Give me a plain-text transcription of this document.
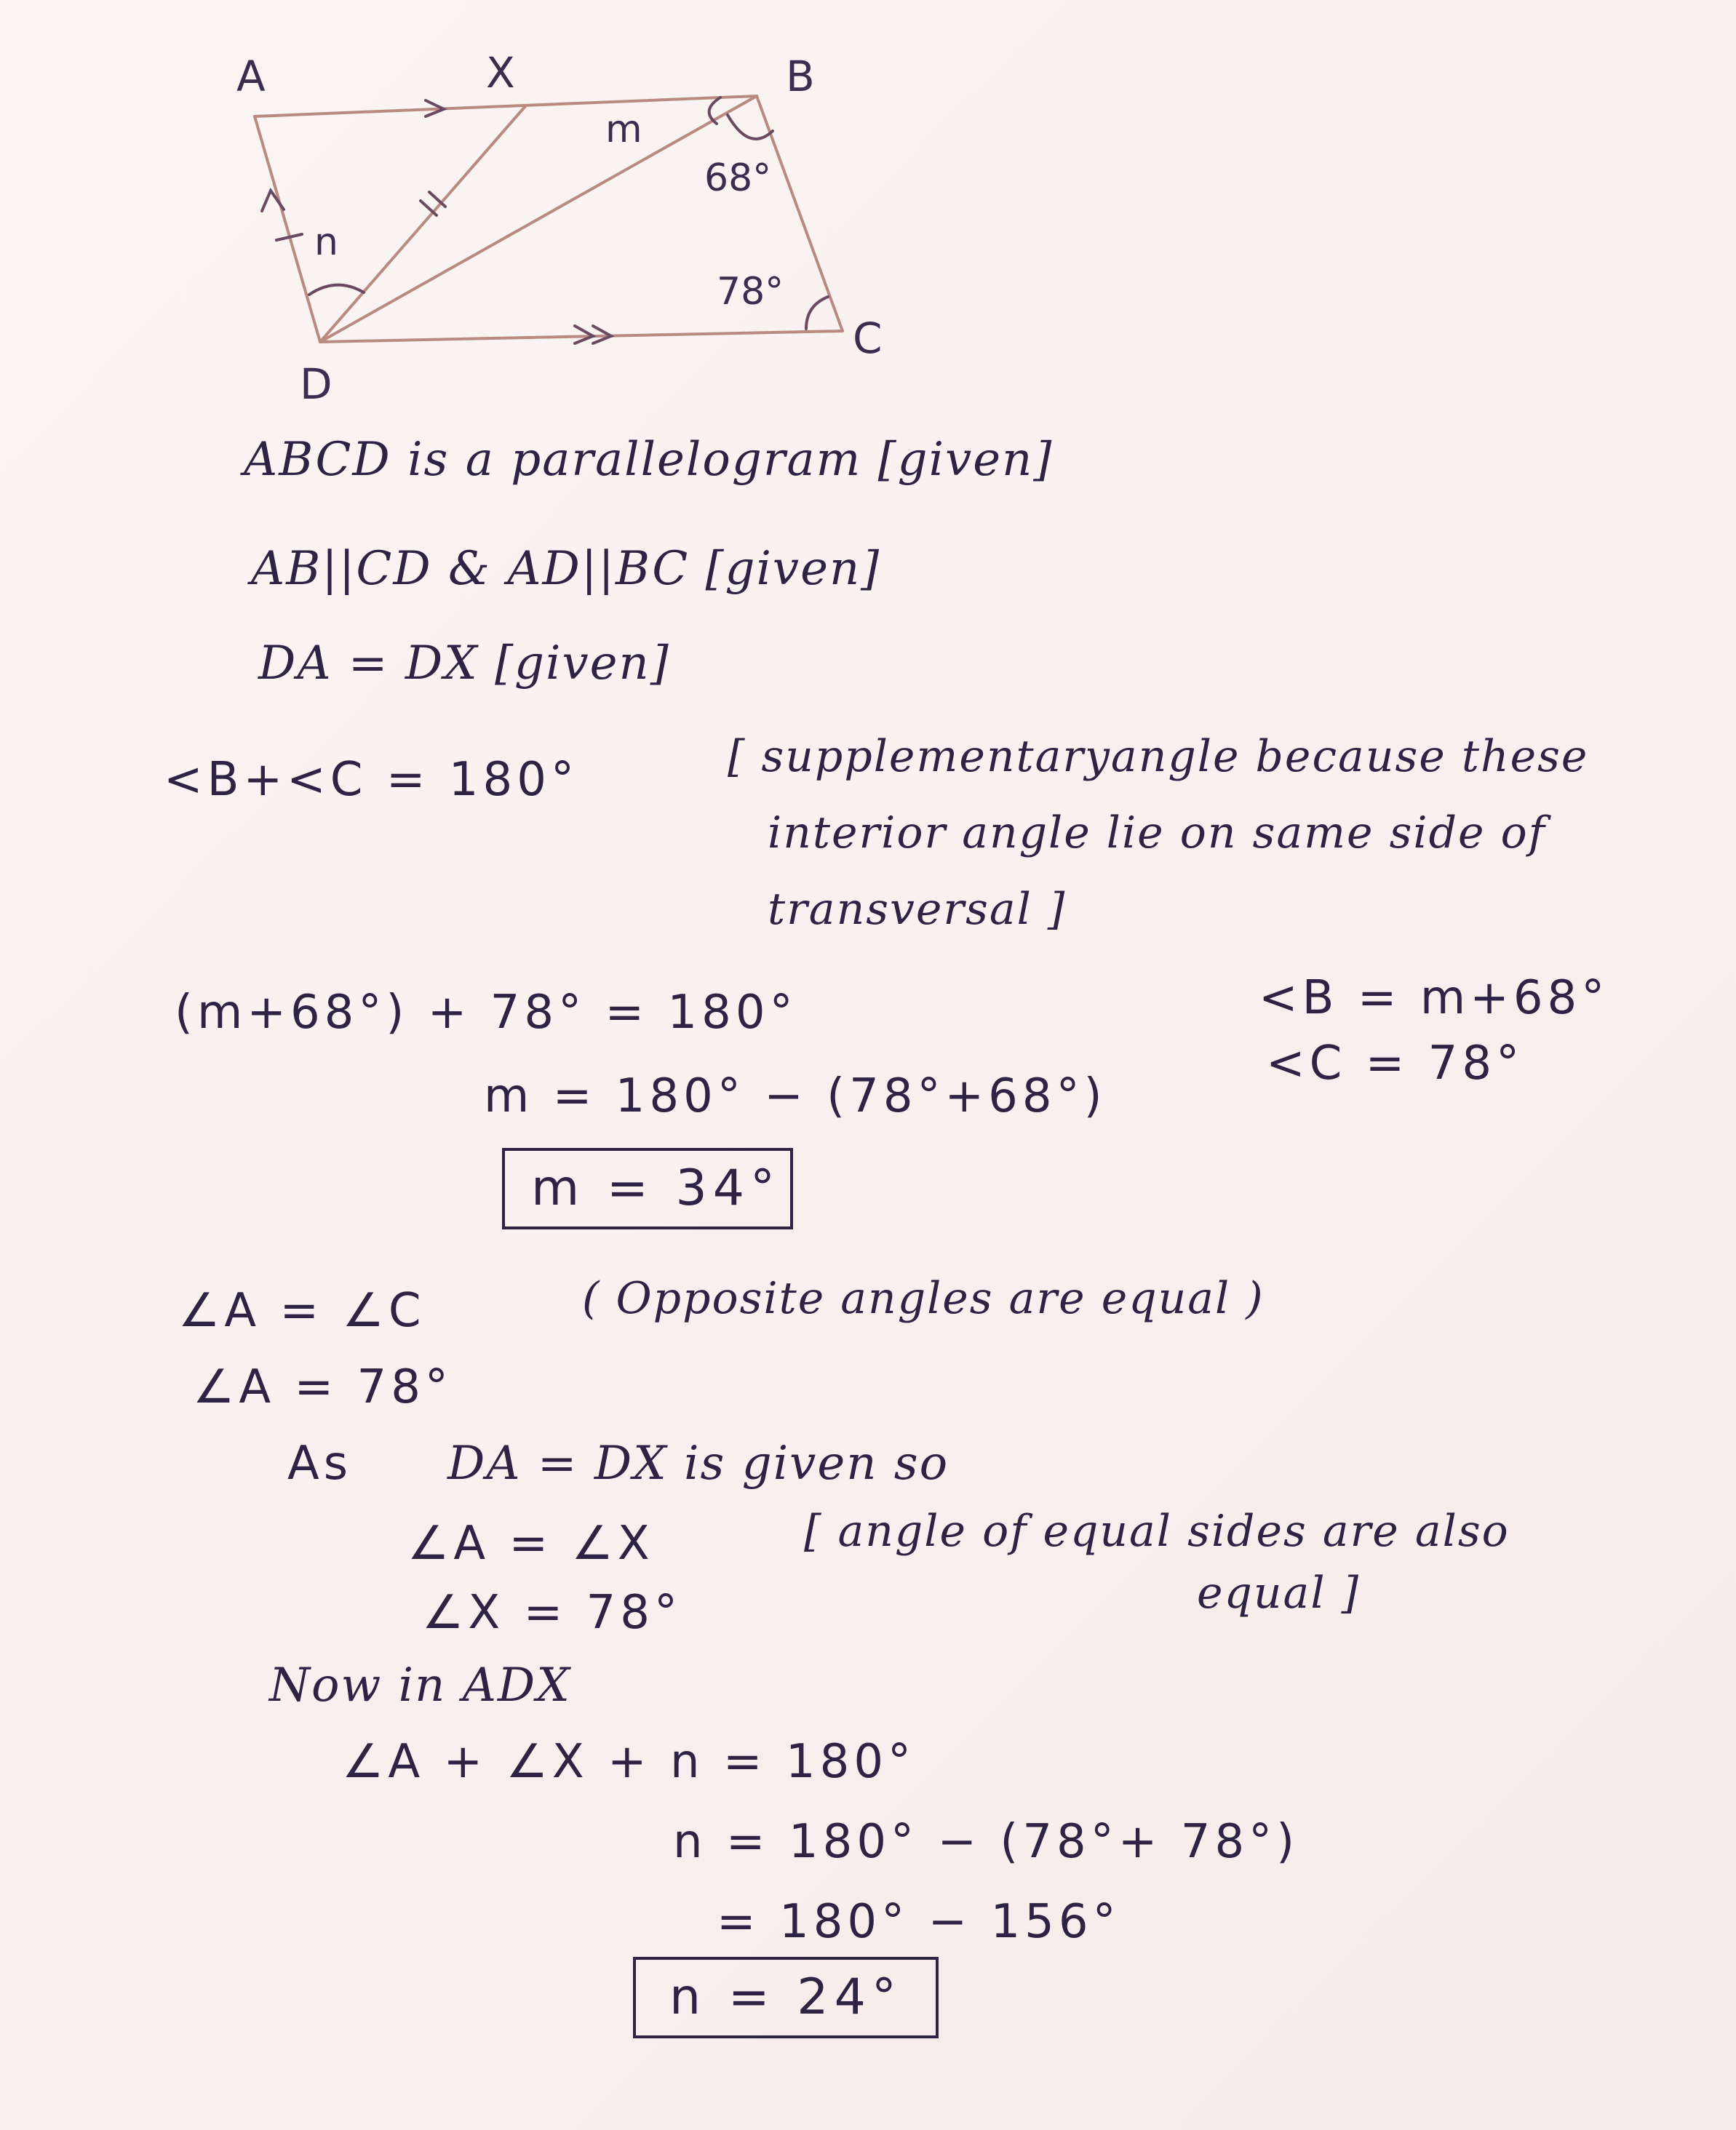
A	X	B
C
D
m
n
68°
78°
ABCD is a parallelogram [given]
AB||CD & AD||BC [given]
DA = DX [given]
<B+<C = 180°	[ supplementaryangle because these
interior angle lie on same side of
transversal ]
<B = m+68°
<C = 78°
(m+68°) + 78° = 180°
m = 180° − (78°+68°)
m = 34°
∠A = ∠C	( Opposite angles are equal )
∠A = 78°
As DA = DX is given so
∠A = ∠X	[ angle of equal sides are also
equal ]
∠X = 78°
Now in ADX
∠A + ∠X + n = 180°
n = 180° − (78°+ 78°)
= 180° − 156°
n = 24°
